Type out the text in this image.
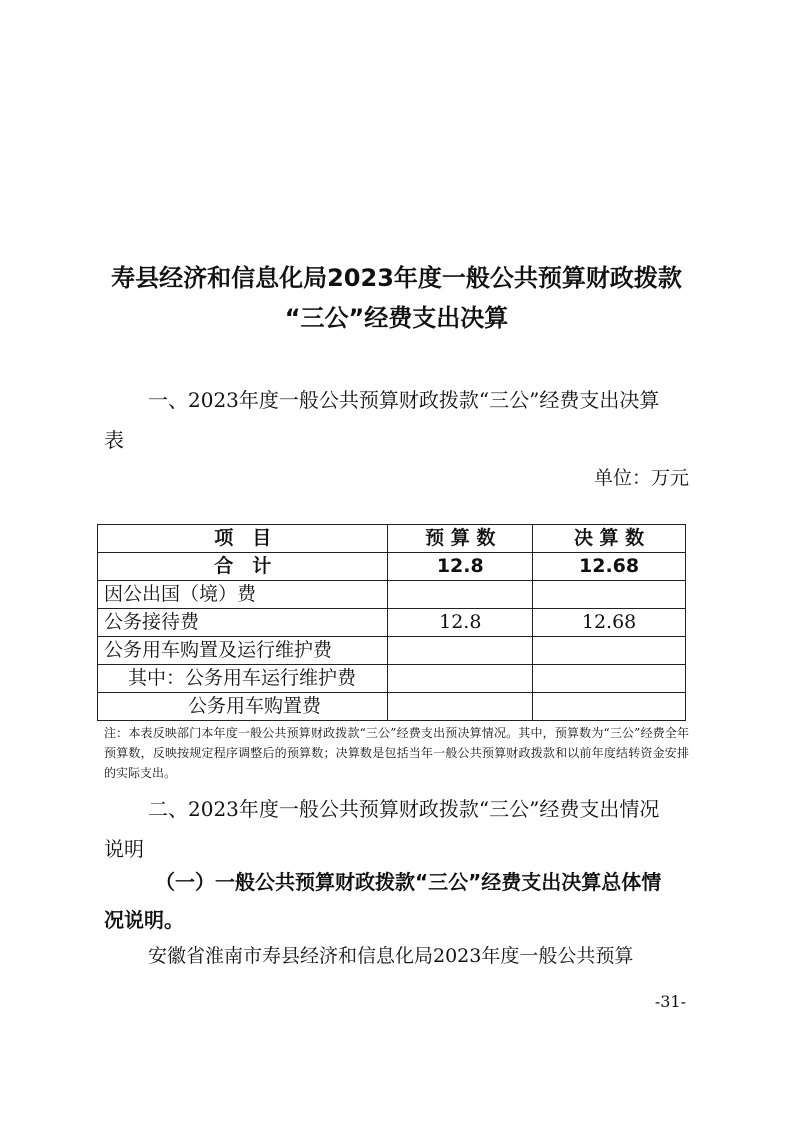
寿县经济和信息化局2023年度一般公共预算财政拨款
“三公”经费支出决算
一、2023年度一般公共预算财政拨款“三公”经费支出决算
表
单位：万元
项　目	预 算 数	决 算 数
合　计	12.8	12.68
因公出国（境）费		
公务接待费	12.8	12.68
公务用车购置及运行维护费		
其中：公务用车运行维护费		
公务用车购置费		
注：本表反映部门本年度一般公共预算财政拨款“三公”经费支出预决算情况。其中，预算数为“三公”经费全年预算数，反映按规定程序调整后的预算数；决算数是包括当年一般公共预算财政拨款和以前年度结转资金安排的实际支出。
二、2023年度一般公共预算财政拨款“三公”经费支出情况
说明
（一）一般公共预算财政拨款“三公”经费支出决算总体情
况说明。
安徽省淮南市寿县经济和信息化局2023年度一般公共预算
-31-
